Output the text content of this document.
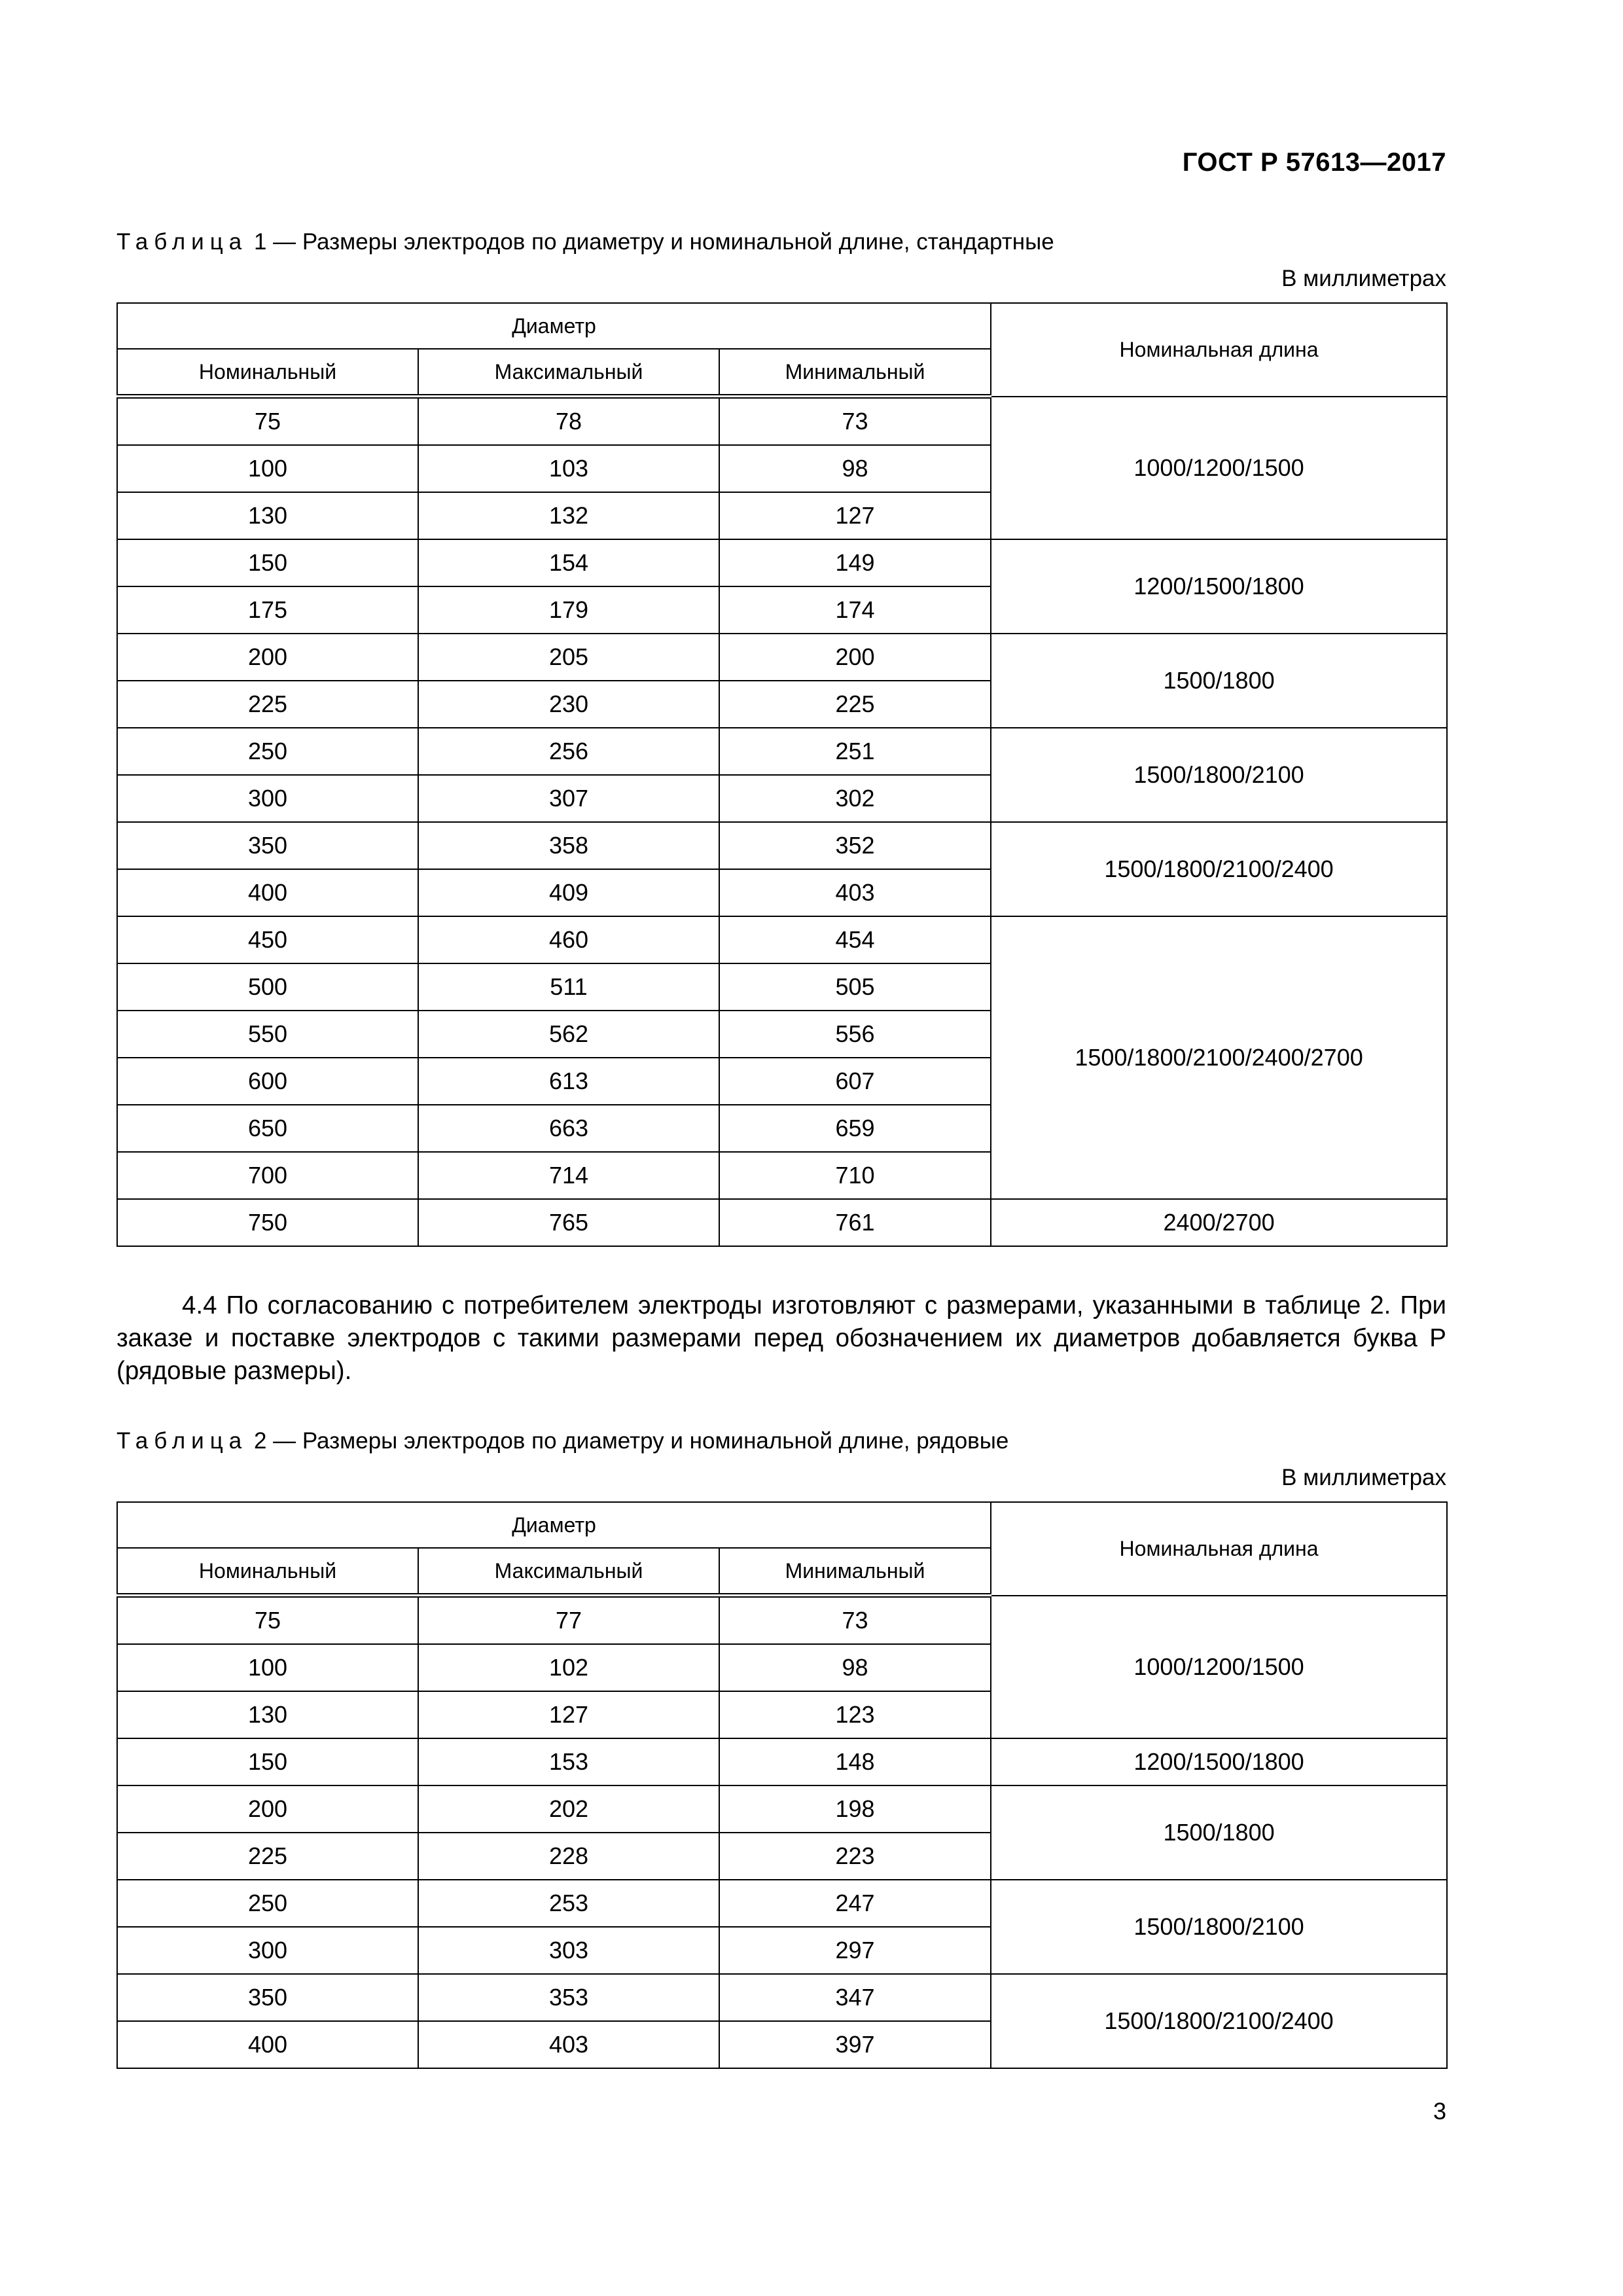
ГОСТ Р 57613—2017
Таблица 1 — Размеры электродов по диаметру и номинальной длине, стандартные
В миллиметрах
Диаметр			Номинальная длина
Номинальный	Максимальный	Минимальный	
75	78	73	1000/1200/1500
100	103	98	
130	132	127	
150	154	149	1200/1500/1800
175	179	174	
200	205	200	1500/1800
225	230	225	
250	256	251	1500/1800/2100
300	307	302	
350	358	352	1500/1800/2100/2400
400	409	403	
450	460	454	1500/1800/2100/2400/2700
500	511	505	
550	562	556	
600	613	607	
650	663	659	
700	714	710	
750	765	761	2400/2700
4.4 По согласованию с потребителем электроды изготовляют с размерами, указанными в таблице 2. При заказе и поставке электродов с такими размерами перед обозначением их диаметров добавляется буква Р (рядовые размеры).
Таблица 2 — Размеры электродов по диаметру и номинальной длине, рядовые
В миллиметрах
Диаметр			Номинальная длина
Номинальный	Максимальный	Минимальный	
75	77	73	1000/1200/1500
100	102	98	
130	127	123	
150	153	148	1200/1500/1800
200	202	198	1500/1800
225	228	223	
250	253	247	1500/1800/2100
300	303	297	
350	353	347	1500/1800/2100/2400
400	403	397	
3
